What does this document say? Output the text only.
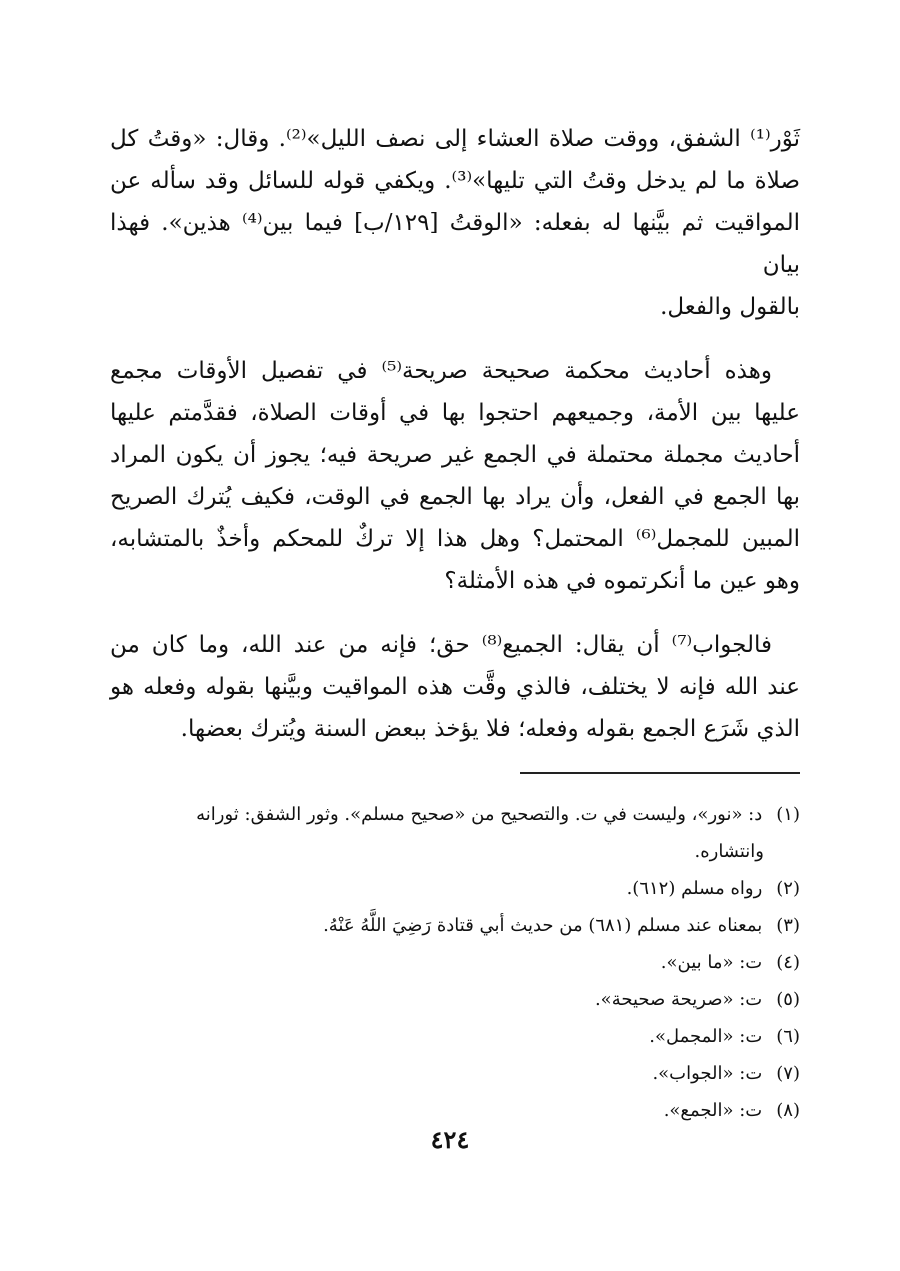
ثَوْر⁽¹⁾ الشفق، ووقت صلاة العشاء إلى نصف الليل»⁽²⁾. وقال: «وقتُ كل
صلاة ما لم يدخل وقتُ التي تليها»⁽³⁾. ويكفي قوله للسائل وقد سأله عن
المواقيت ثم بيَّنها له بفعله: «الوقتُ [١٢٩/ب] فيما بين⁽⁴⁾ هذين». فهذا بيان
بالقول والفعل.
وهذه أحاديث محكمة صحيحة صريحة⁽⁵⁾ في تفصيل الأوقات مجمع
عليها بين الأمة، وجميعهم احتجوا بها في أوقات الصلاة، فقدَّمتم عليها
أحاديث مجملة محتملة في الجمع غير صريحة فيه؛ يجوز أن يكون المراد
بها الجمع في الفعل، وأن يراد بها الجمع في الوقت، فكيف يُترك الصريح
المبين للمجمل⁽⁶⁾ المحتمل؟ وهل هذا إلا تركٌ للمحكم وأخذٌ بالمتشابه،
وهو عين ما أنكرتموه في هذه الأمثلة؟
فالجواب⁽⁷⁾ أن يقال: الجميع⁽⁸⁾ حق؛ فإنه من عند الله، وما كان من
عند الله فإنه لا يختلف، فالذي وقَّت هذه المواقيت وبيَّنها بقوله وفعله هو
الذي شَرَع الجمع بقوله وفعله؛ فلا يؤخذ ببعض السنة ويُترك بعضها.
(١) د: «نور»، وليست في ت. والتصحيح من «صحيح مسلم». وثور الشفق: ثورانه
وانتشاره.
(٢) رواه مسلم (٦١٢).
(٣) بمعناه عند مسلم (٦٨١) من حديث أبي قتادة رَضِيَ اللَّهُ عَنْهُ.
(٤) ت: «ما بين».
(٥) ت: «صريحة صحيحة».
(٦) ت: «المجمل».
(٧) ت: «الجواب».
(٨) ت: «الجمع».
٤٢٤
